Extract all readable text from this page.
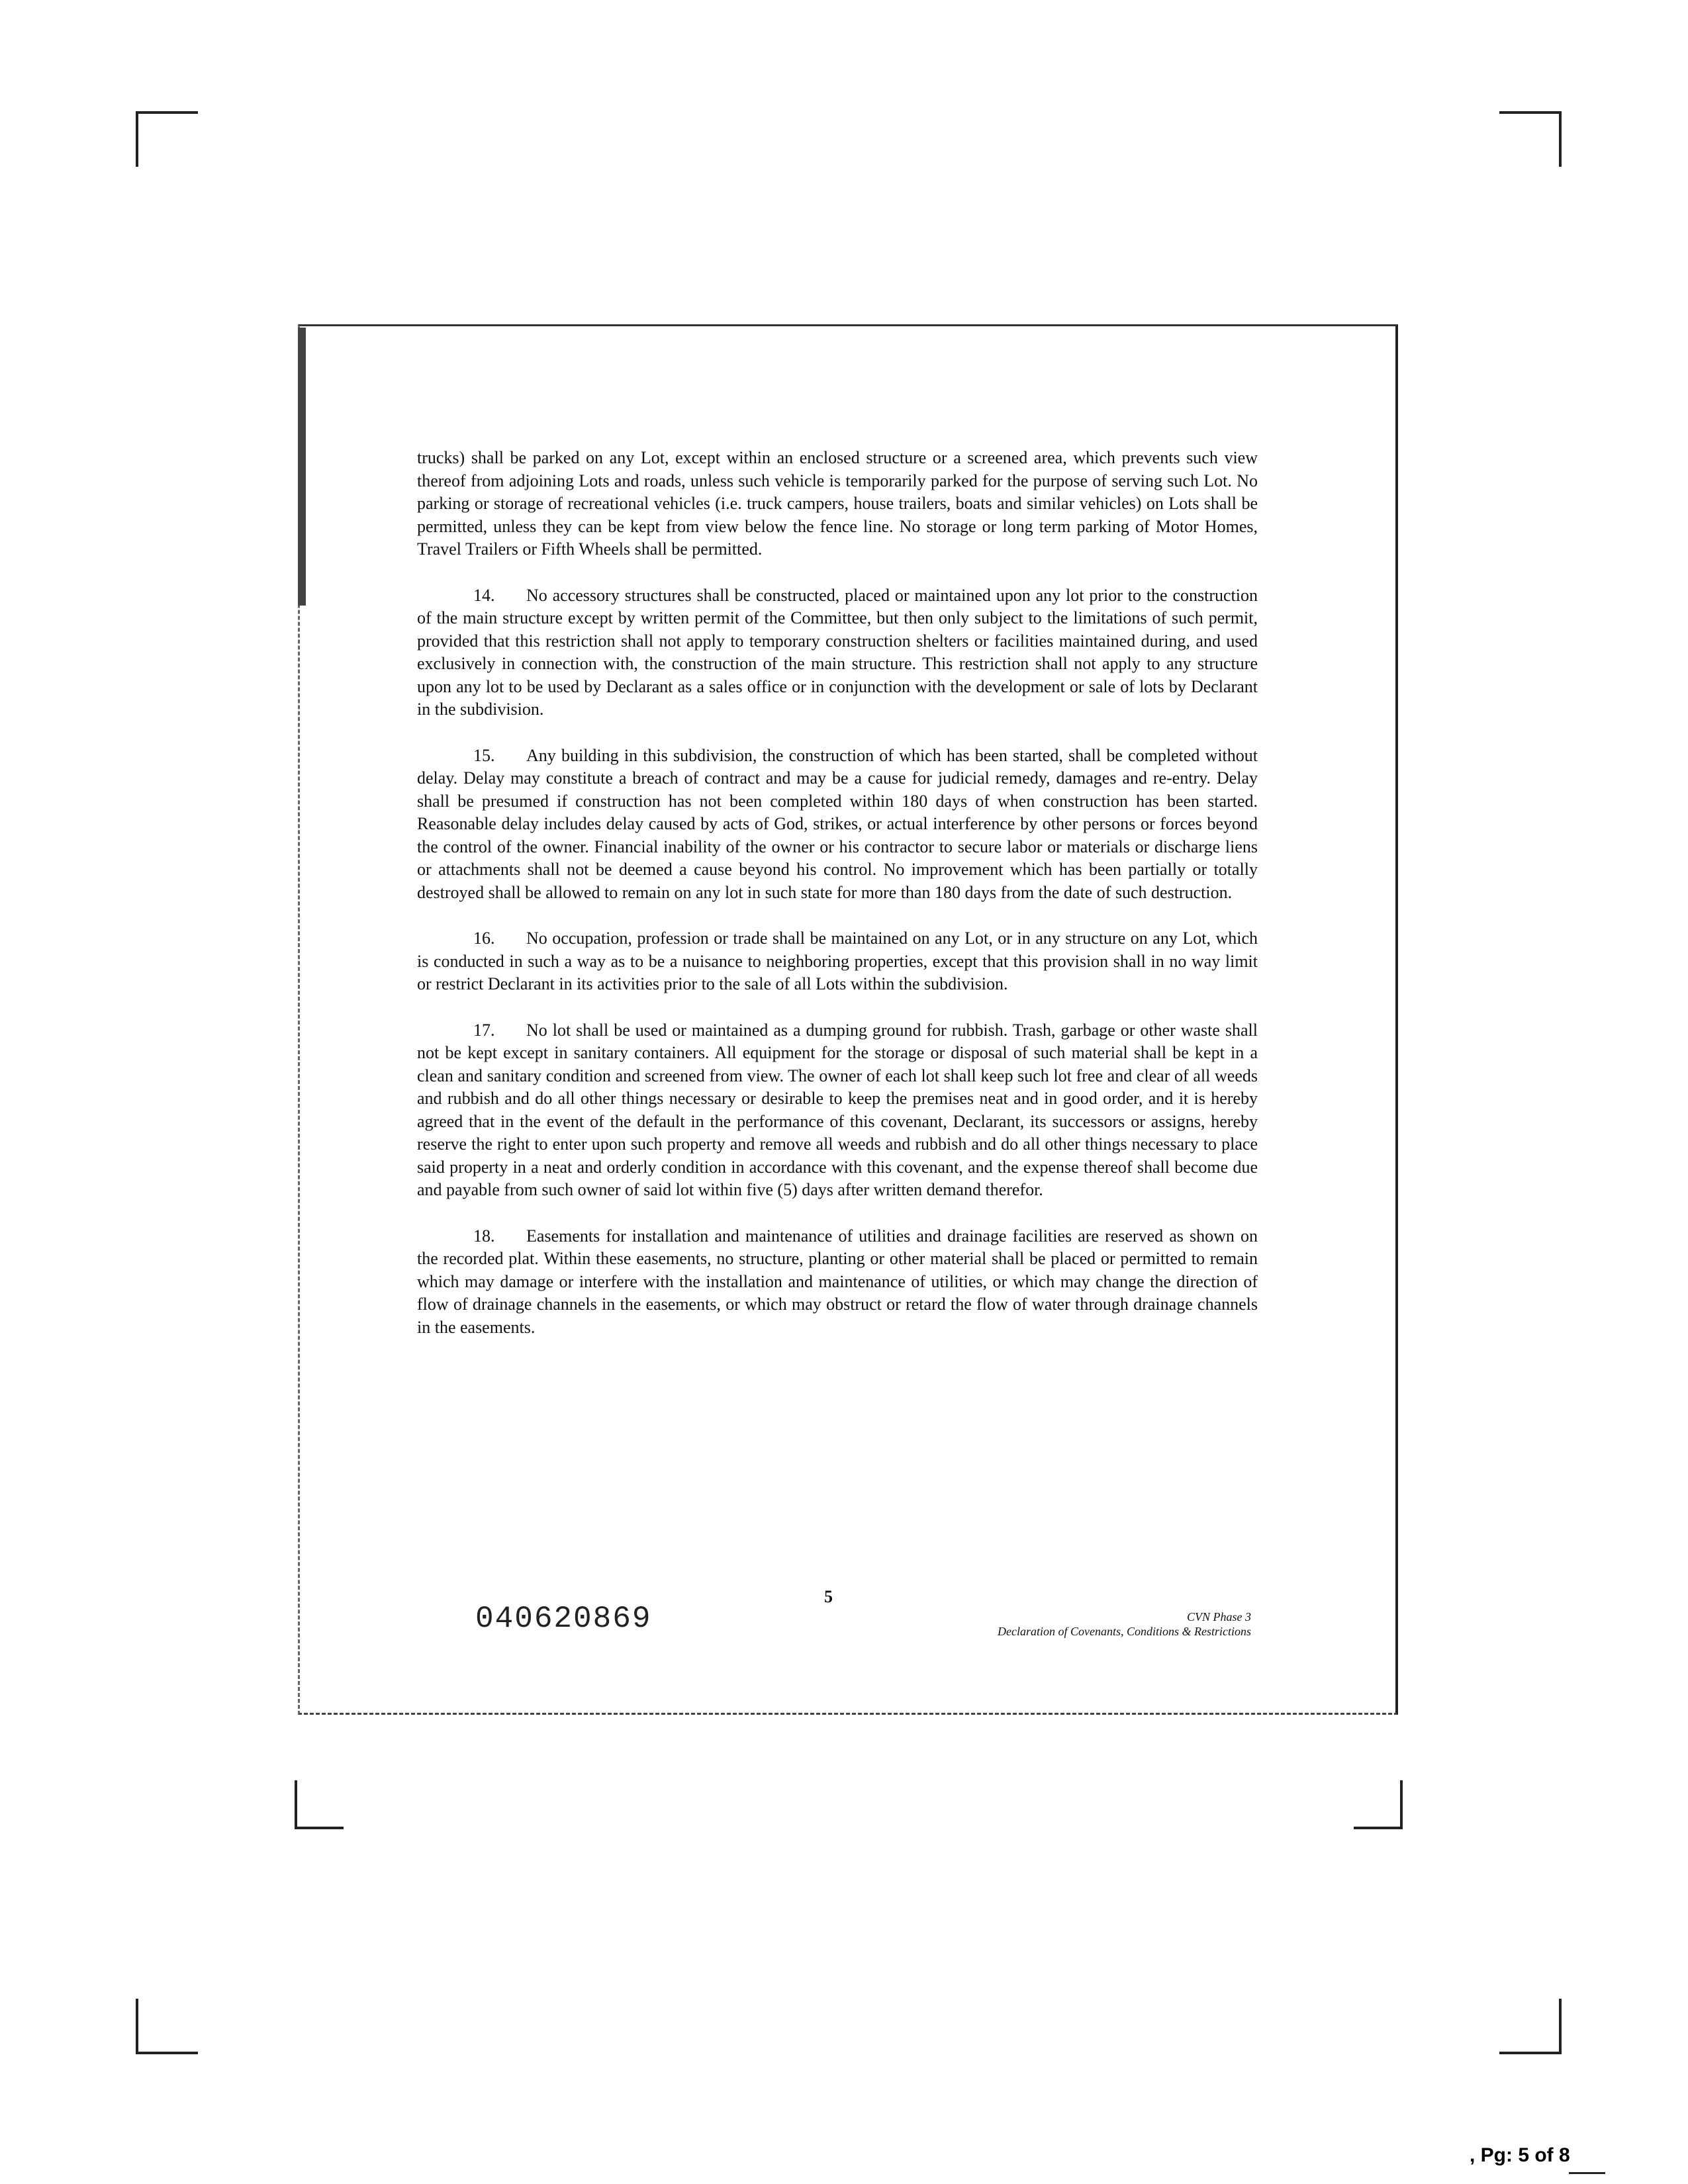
trucks) shall be parked on any Lot, except within an enclosed structure or a screened area, which prevents such view thereof from adjoining Lots and roads, unless such vehicle is temporarily parked for the purpose of serving such Lot. No parking or storage of recreational vehicles (i.e. truck campers, house trailers, boats and similar vehicles) on Lots shall be permitted, unless they can be kept from view below the fence line. No storage or long term parking of Motor Homes, Travel Trailers or Fifth Wheels shall be permitted.

14. No accessory structures shall be constructed, placed or maintained upon any lot prior to the construction of the main structure except by written permit of the Committee, but then only subject to the limitations of such permit, provided that this restriction shall not apply to temporary construction shelters or facilities maintained during, and used exclusively in connection with, the construction of the main structure. This restriction shall not apply to any structure upon any lot to be used by Declarant as a sales office or in conjunction with the development or sale of lots by Declarant in the subdivision.

15. Any building in this subdivision, the construction of which has been started, shall be completed without delay. Delay may constitute a breach of contract and may be a cause for judicial remedy, damages and re-entry. Delay shall be presumed if construction has not been completed within 180 days of when construction has been started. Reasonable delay includes delay caused by acts of God, strikes, or actual interference by other persons or forces beyond the control of the owner. Financial inability of the owner or his contractor to secure labor or materials or discharge liens or attachments shall not be deemed a cause beyond his control. No improvement which has been partially or totally destroyed shall be allowed to remain on any lot in such state for more than 180 days from the date of such destruction.

16. No occupation, profession or trade shall be maintained on any Lot, or in any structure on any Lot, which is conducted in such a way as to be a nuisance to neighboring properties, except that this provision shall in no way limit or restrict Declarant in its activities prior to the sale of all Lots within the subdivision.

17. No lot shall be used or maintained as a dumping ground for rubbish. Trash, garbage or other waste shall not be kept except in sanitary containers. All equipment for the storage or disposal of such material shall be kept in a clean and sanitary condition and screened from view. The owner of each lot shall keep such lot free and clear of all weeds and rubbish and do all other things necessary or desirable to keep the premises neat and in good order, and it is hereby agreed that in the event of the default in the performance of this covenant, Declarant, its successors or assigns, hereby reserve the right to enter upon such property and remove all weeds and rubbish and do all other things necessary to place said property in a neat and orderly condition in accordance with this covenant, and the expense thereof shall become due and payable from such owner of said lot within five (5) days after written demand therefor.

18. Easements for installation and maintenance of utilities and drainage facilities are reserved as shown on the recorded plat. Within these easements, no structure, planting or other material shall be placed or permitted to remain which may damage or interfere with the installation and maintenance of utilities, or which may change the direction of flow of drainage channels in the easements, or which may obstruct or retard the flow of water through drainage channels in the easements.

5
040620869	CVN Phase 3
Declaration of Covenants, Conditions & Restrictions
, Pg: 5 of 8
